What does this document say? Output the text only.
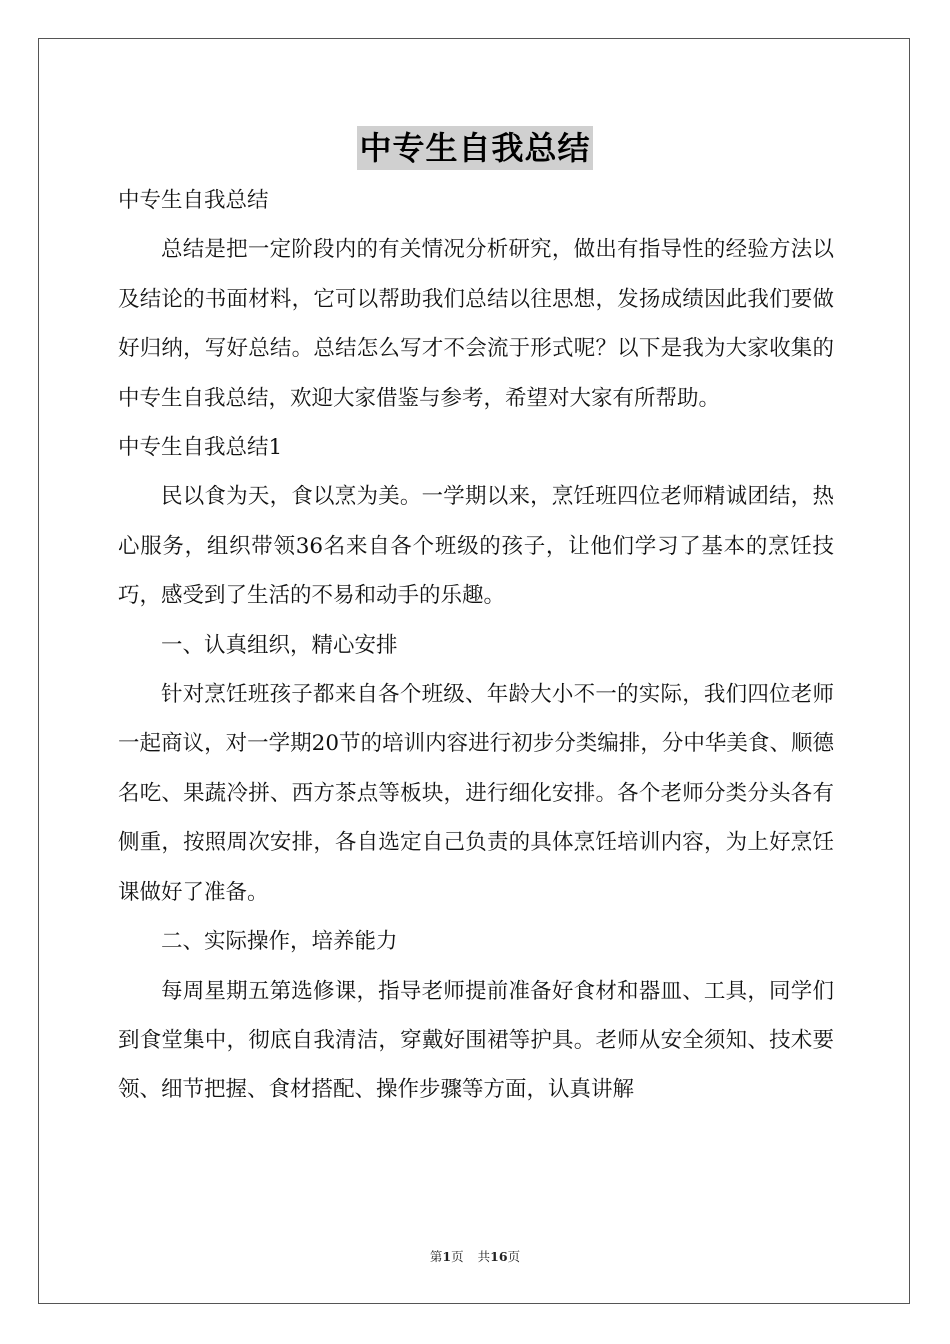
中专生自我总结

中专生自我总结

总结是把一定阶段内的有关情况分析研究，做出有指导性的经验方法以及结论的书面材料，它可以帮助我们总结以往思想，发扬成绩因此我们要做好归纳，写好总结。总结怎么写才不会流于形式呢？以下是我为大家收集的中专生自我总结，欢迎大家借鉴与参考，希望对大家有所帮助。

中专生自我总结1

民以食为天，食以烹为美。一学期以来，烹饪班四位老师精诚团结，热心服务，组织带领36名来自各个班级的孩子，让他们学习了基本的烹饪技巧，感受到了生活的不易和动手的乐趣。

一、认真组织，精心安排

针对烹饪班孩子都来自各个班级、年龄大小不一的实际，我们四位老师一起商议，对一学期20节的培训内容进行初步分类编排，分中华美食、顺德名吃、果蔬冷拼、西方茶点等板块，进行细化安排。各个老师分类分头各有侧重，按照周次安排，各自选定自己负责的具体烹饪培训内容，为上好烹饪课做好了准备。

二、实际操作，培养能力

每周星期五第选修课，指导老师提前准备好食材和器皿、工具，同学们到食堂集中，彻底自我清洁，穿戴好围裙等护具。老师从安全须知、技术要领、细节把握、食材搭配、操作步骤等方面，认真讲解

第1页 共16页
